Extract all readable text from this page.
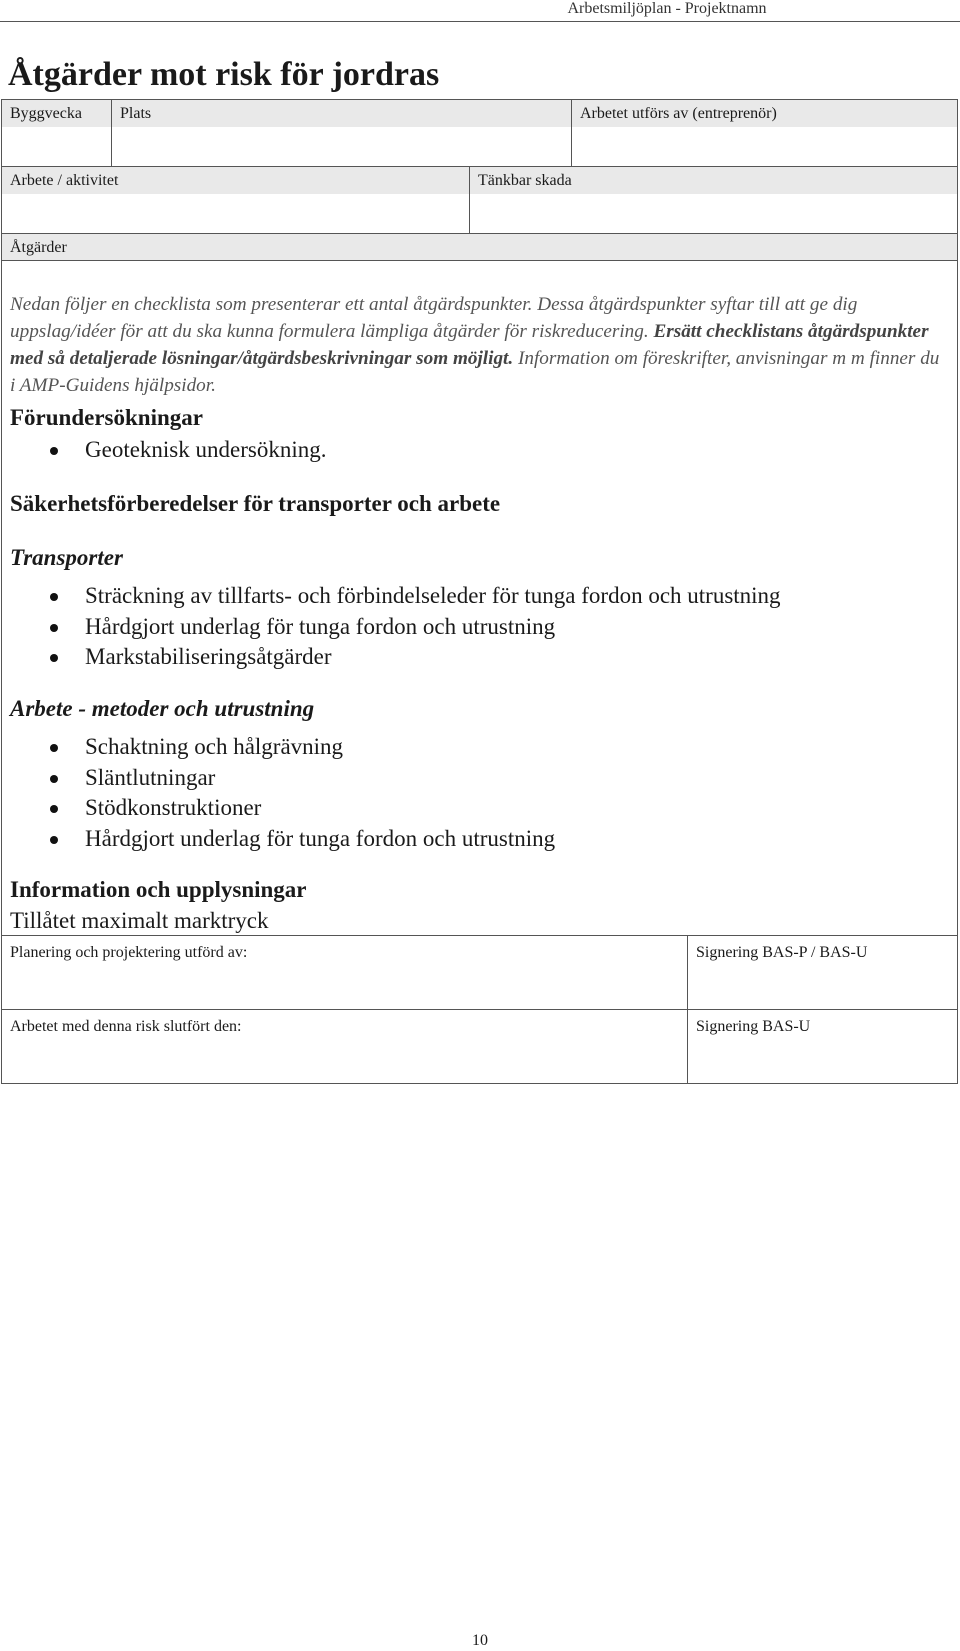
Arbetsmiljöplan - Projektnamn
Åtgärder mot risk för jordras
Byggvecka	Plats	Arbetet utförs av (entreprenör)
Arbete / aktivitet	Tänkbar skada
Åtgärder

Nedan följer en checklista som presenterar ett antal åtgärdspunkter. Dessa åtgärdspunkter syftar till att ge dig uppslag/idéer för att du ska kunna formulera lämpliga åtgärder för riskreducering. Ersätt checklistans åtgärdspunkter med så detaljerade lösningar/åtgärdsbeskrivningar som möjligt. Information om föreskrifter, anvisningar m m finner du i AMP-Guidens hjälpsidor.

Förundersökningar
Geoteknisk undersökning.
Säkerhetsförberedelser för transporter och arbete
Transporter
Sträckning av tillfarts- och förbindelseleder för tunga fordon och utrustning
Hårdgjort underlag för tunga fordon och utrustning
Markstabiliseringsåtgärder
Arbete - metoder och utrustning
Schaktning och hålgrävning
Släntlutningar
Stödkonstruktioner
Hårdgjort underlag för tunga fordon och utrustning
Information och upplysningar

Tillåtet maximalt marktryck

Planering och projektering utförd av:	Signering BAS-P / BAS-U
Arbetet med denna risk slutfört den:	Signering BAS-U
10
